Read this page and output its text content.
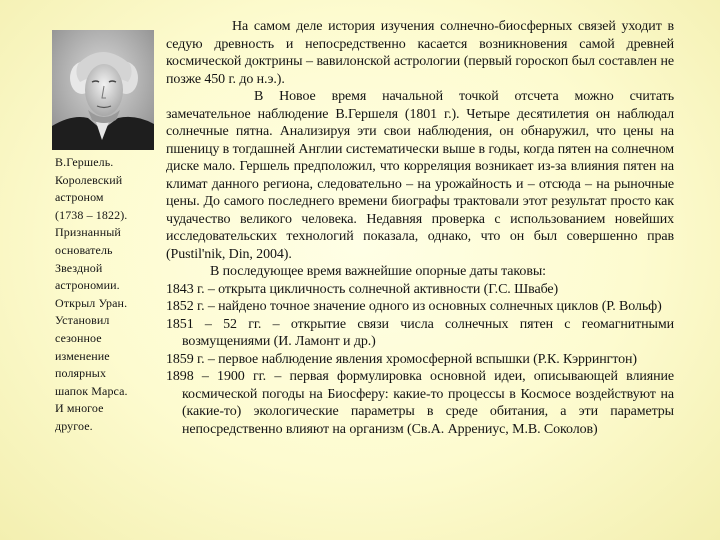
В.Гершель.
Королевский
астроном
(1738 – 1822).
Признанный
основатель
Звездной
астрономии.
Открыл Уран.
Установил
сезонное
изменение
полярных
шапок Марса.
И многое
другое.

На самом деле история изучения солнечно-биосферных связей уходит в седую древность и непосредственно касается возникновения самой древней космической доктрины – вавилонской астрологии (первый гороскоп был составлен не позже 450 г. до н.э.).

В Новое время начальной точкой отсчета можно считать замечательное наблюдение В.Гершеля (1801 г.). Четыре десятилетия он наблюдал солнечные пятна. Анализируя эти свои наблюдения, он обнаружил, что цены на пшеницу в тогдашней Англии систематически выше в годы, когда пятен на солнечном диске мало. Гершель предположил, что корреляция возникает из-за влияния пятен на климат данного региона, следовательно – на урожайность и – отсюда – на рыночные цены. До самого последнего времени биографы трактовали этот результат просто как чудачество великого человека. Недавняя проверка с использованием новейших исследовательских технологий показала, однако, что он был совершенно прав (Pustil'nik, Din, 2004).

В последующее время важнейшие опорные даты таковы:

1843 г. – открыта цикличность солнечной активности (Г.С. Швабе)
1852 г. – найдено точное значение одного из основных солнечных циклов (Р. Вольф)
1851 – 52 гг. – открытие связи числа солнечных пятен с геомагнитными возмущениями (И. Ламонт и др.)
1859 г. – первое наблюдение явления хромосферной вспышки (Р.К. Кэррингтон)
1898 – 1900 гг. – первая формулировка основной идеи, описывающей влияние космической погоды на Биосферу: какие-то процессы в Космосе воздействуют на (какие-то) экологические параметры в среде обитания, а эти параметры непосредственно влияют на организм (Св.А. Аррениус, М.В. Соколов)
